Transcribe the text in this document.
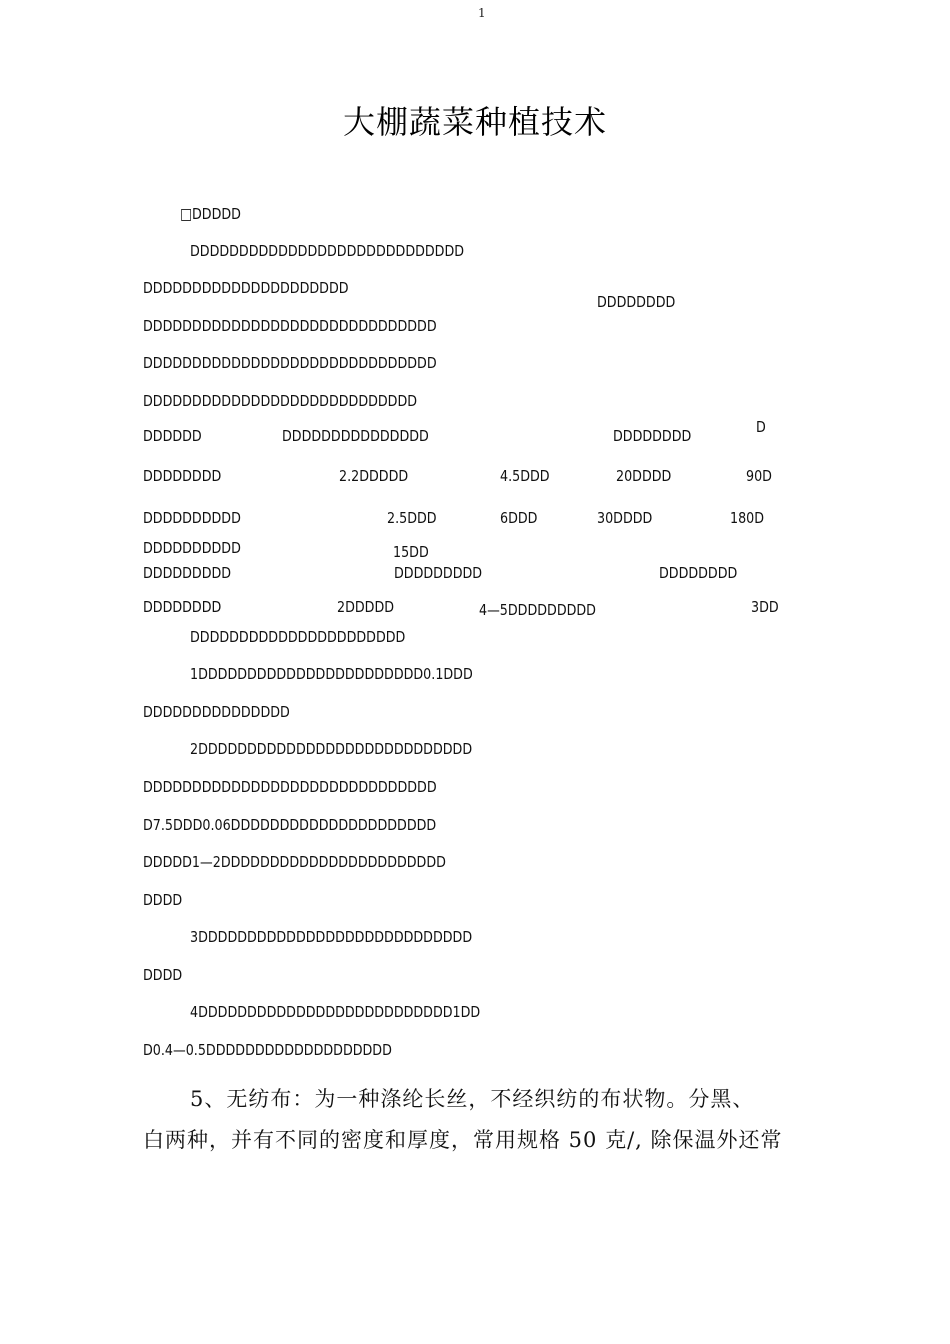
1
大棚蔬菜种植技术
□DDDDD
DDDDDDDDDDDDDDDDDDDDDDDDDDDD
DDDDDDDDDDDDDDDDDDDDD
DDDDDDDD
DDDDDDDDDDDDDDDDDDDDDDDDDDDDDD
DDDDDDDDDDDDDDDDDDDDDDDDDDDDDD
DDDDDDDDDDDDDDDDDDDDDDDDDDDD
DDDDDD	DDDDDDDDDDDDDDD	DDDDDDDD	D
DDDDDDDD	2.2DDDDD	4.5DDD	20DDDD	90D
DDDDDDDDDD	2.5DDD	6DDD	30DDDD	180D
DDDDDDDDDD	15DD
DDDDDDDDD	DDDDDDDDD	DDDDDDDD
DDDDDDDD	2DDDDD	4—5DDDDDDDDD	3DD
DDDDDDDDDDDDDDDDDDDDDD
1DDDDDDDDDDDDDDDDDDDDDDD0.1DDD
DDDDDDDDDDDDDDD
2DDDDDDDDDDDDDDDDDDDDDDDDDDDD
DDDDDDDDDDDDDDDDDDDDDDDDDDDDDD
D7.5DDD0.06DDDDDDDDDDDDDDDDDDDDD
DDDDD1—2DDDDDDDDDDDDDDDDDDDDDDD
DDDD
3DDDDDDDDDDDDDDDDDDDDDDDDDDDD
DDDD
4DDDDDDDDDDDDDDDDDDDDDDDDDD1DD
D0.4—0.5DDDDDDDDDDDDDDDDDDD
5、无纺布：为一种涤纶长丝，不经织纺的布状物。分黑、
白两种，并有不同的密度和厚度，常用规格 50 克/, 除保温外还常
